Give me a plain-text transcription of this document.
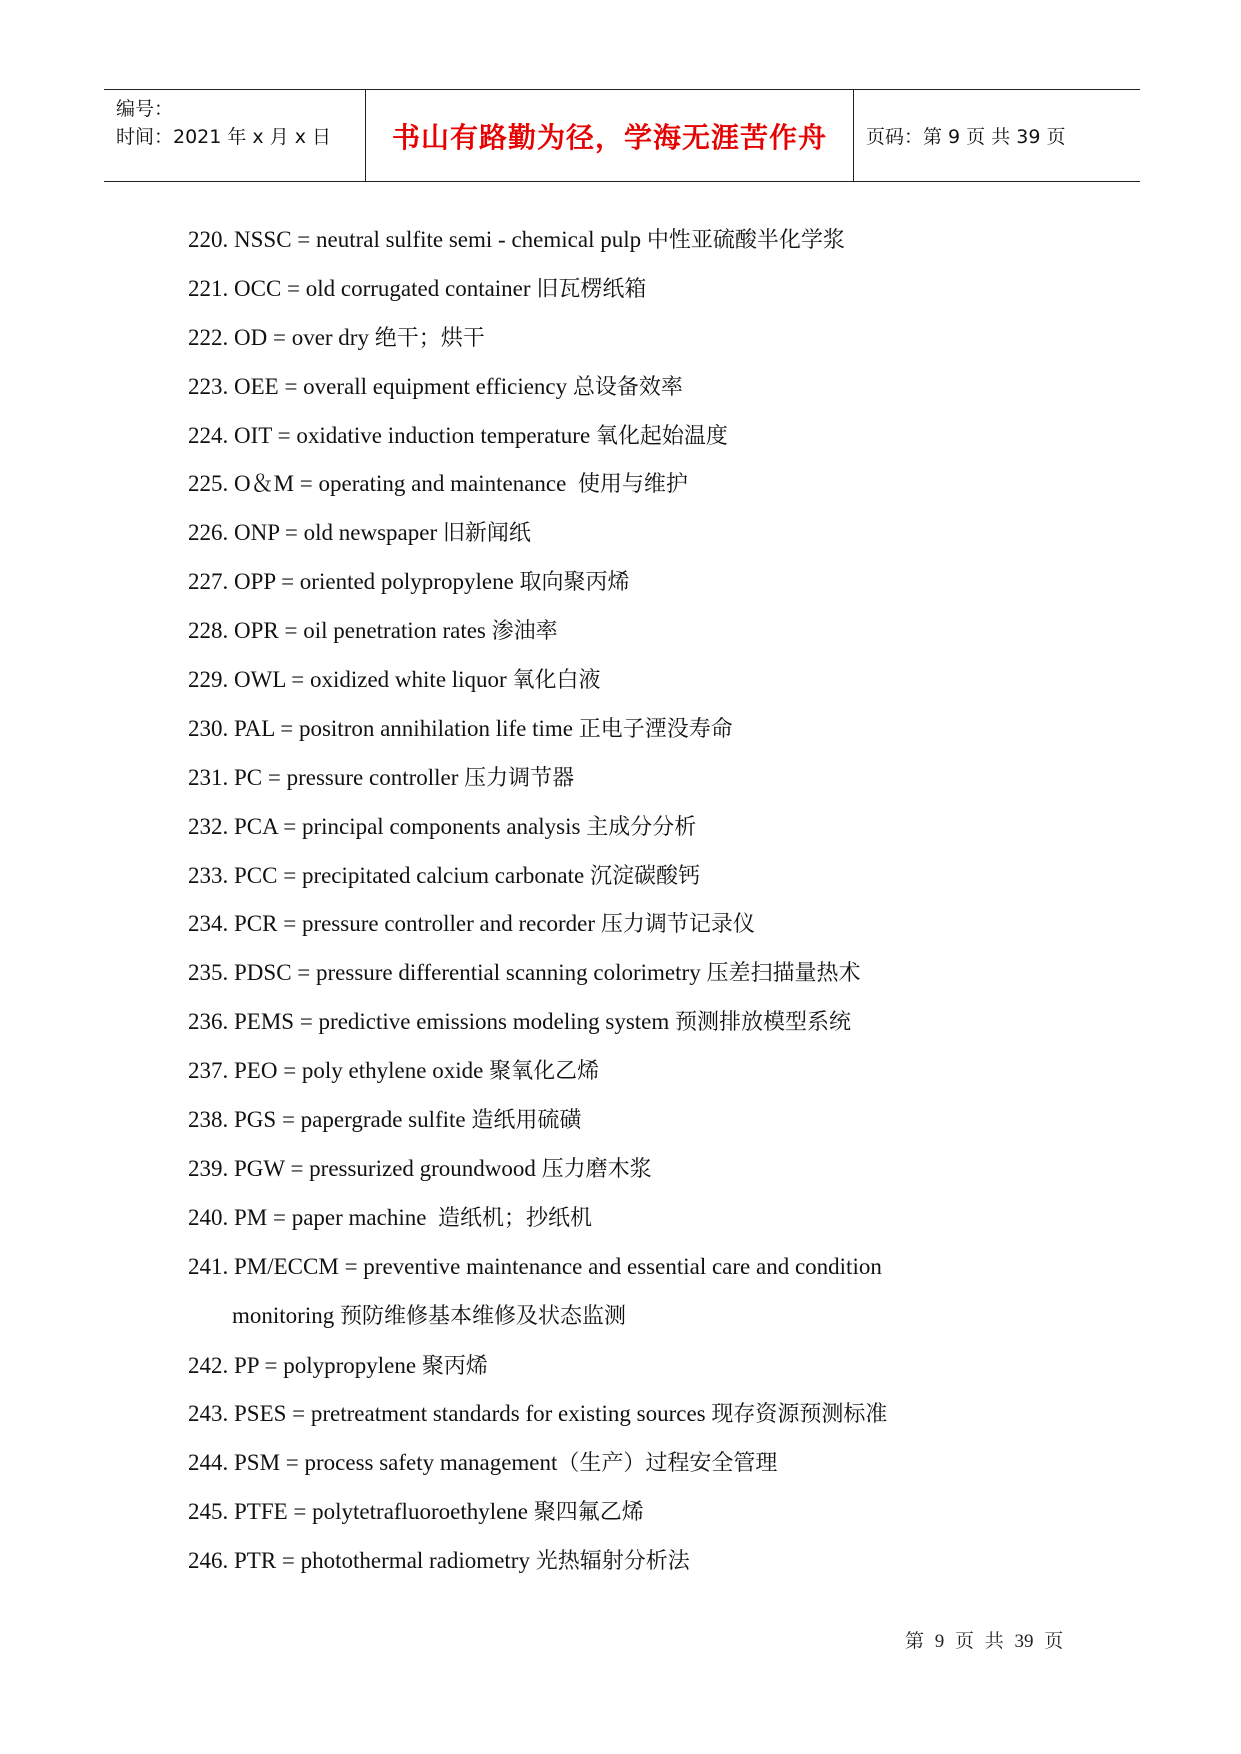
编号：
时间：2021 年 x 月 x 日 书山有路勤为径，学海无涯苦作舟 页码：第 9 页 共 39 页
220. NSSC = neutral sulfite semi - chemical pulp 中性亚硫酸半化学浆
221. OCC = old corrugated container 旧瓦楞纸箱
222. OD = over dry 绝干；烘干
223. OEE = overall equipment efficiency 总设备效率
224. OIT = oxidative induction temperature 氧化起始温度
225. O＆M = operating and maintenance  使用与维护
226. ONP = old newspaper 旧新闻纸
227. OPP = oriented polypropylene 取向聚丙烯
228. OPR = oil penetration rates 渗油率
229. OWL = oxidized white liquor 氧化白液
230. PAL = positron annihilation life time 正电子湮没寿命
231. PC = pressure controller 压力调节器
232. PCA = principal components analysis 主成分分析
233. PCC = precipitated calcium carbonate 沉淀碳酸钙
234. PCR = pressure controller and recorder 压力调节记录仪
235. PDSC = pressure differential scanning colorimetry 压差扫描量热术
236. PEMS = predictive emissions modeling system 预测排放模型系统
237. PEO = poly ethylene oxide 聚氧化乙烯
238. PGS = papergrade sulfite 造纸用硫磺
239. PGW = pressurized groundwood 压力磨木浆
240. PM = paper machine  造纸机；抄纸机
241. PM/ECCM = preventive maintenance and essential care and condition
monitoring 预防维修基本维修及状态监测
242. PP = polypropylene 聚丙烯
243. PSES = pretreatment standards for existing sources 现存资源预测标准
244. PSM = process safety management（生产）过程安全管理
245. PTFE = polytetrafluoroethylene 聚四氟乙烯
246. PTR = photothermal radiometry 光热辐射分析法
第 9 页 共 39 页
